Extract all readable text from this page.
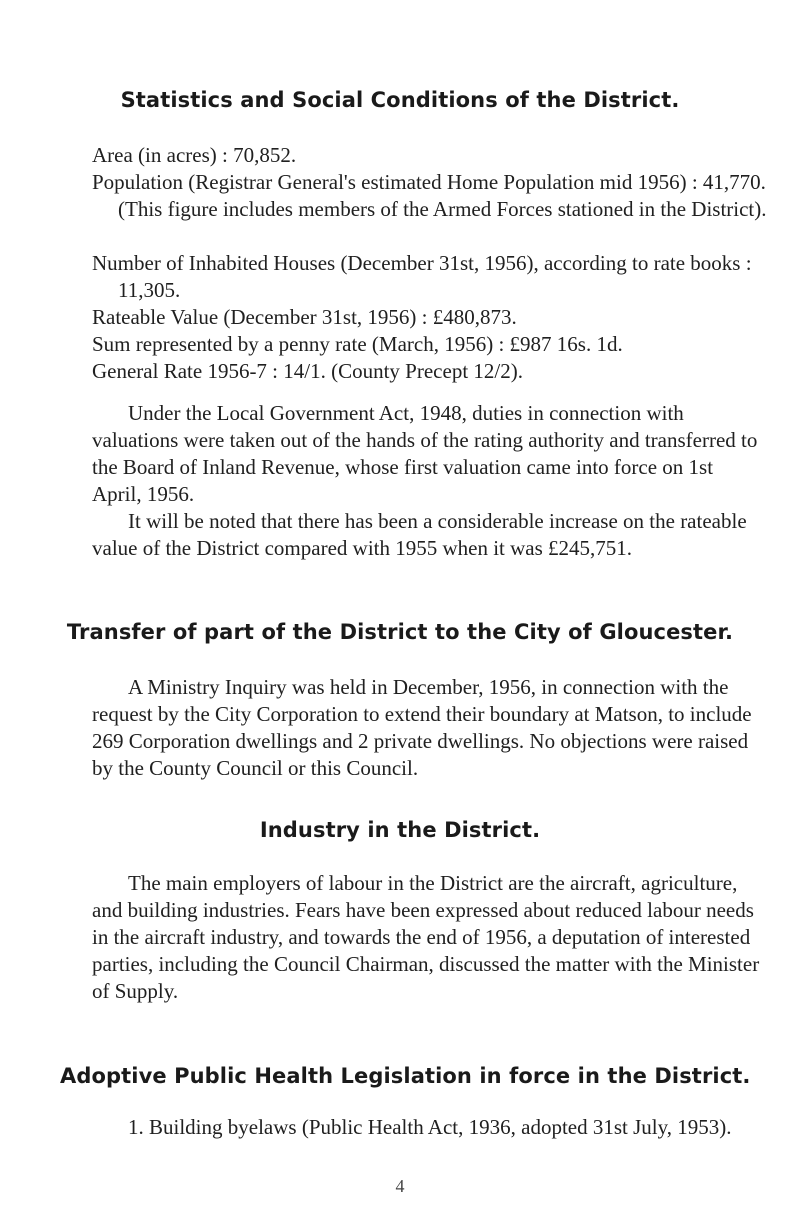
Statistics and Social Conditions of the District.

Area (in acres) : 70,852.

Population (Registrar General's estimated Home Population mid 1956) : 41,770. (This figure includes members of the Armed Forces stationed in the District).

Number of Inhabited Houses (December 31st, 1956), according to rate books : 11,305.

Rateable Value (December 31st, 1956) : £480,873.

Sum represented by a penny rate (March, 1956) : £987 16s. 1d.

General Rate 1956-7 : 14/1. (County Precept 12/2).

Under the Local Government Act, 1948, duties in connection with valuations were taken out of the hands of the rating authority and transferred to the Board of Inland Revenue, whose first valuation came into force on 1st April, 1956.

It will be noted that there has been a considerable increase on the rateable value of the District compared with 1955 when it was £245,751.

Transfer of part of the District to the City of Gloucester.

A Ministry Inquiry was held in December, 1956, in connection with the request by the City Corporation to extend their boundary at Matson, to include 269 Corporation dwellings and 2 private dwellings. No objections were raised by the County Council or this Council.

Industry in the District.

The main employers of labour in the District are the aircraft, agriculture, and building industries. Fears have been expressed about reduced labour needs in the aircraft industry, and towards the end of 1956, a deputation of interested parties, including the Council Chairman, discussed the matter with the Minister of Supply.

Adoptive Public Health Legislation in force in the District.

1. Building byelaws (Public Health Act, 1936, adopted 31st July, 1953).

4
